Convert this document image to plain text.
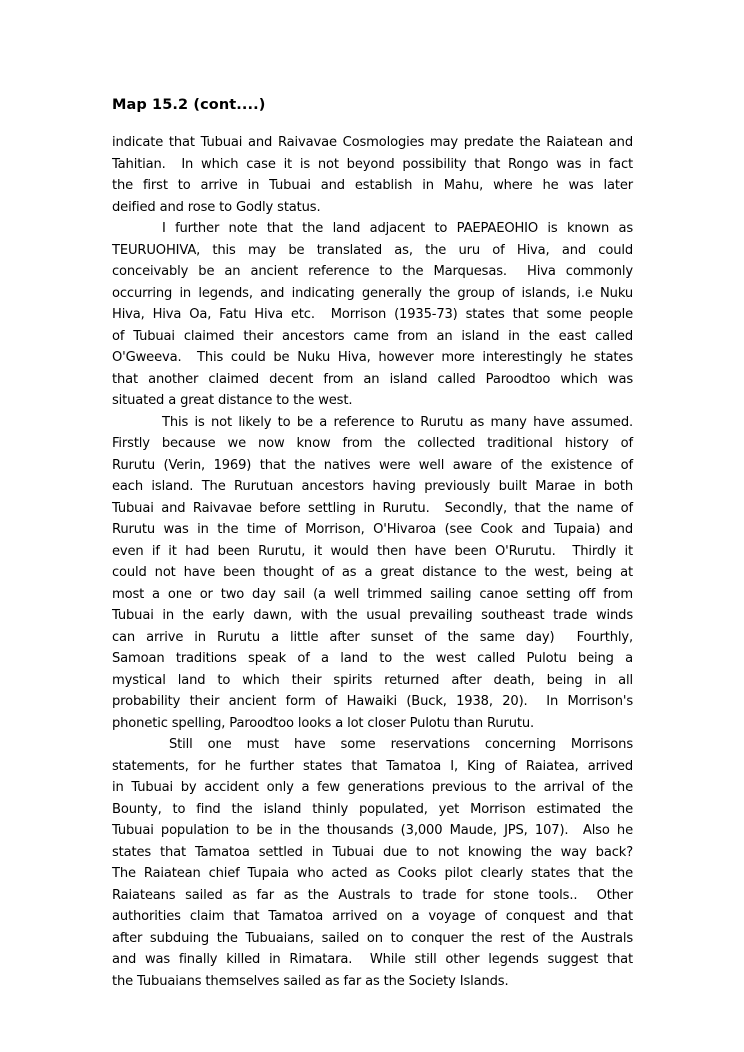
Map 15.2 (cont....)
indicate that Tubuai and Raivavae Cosmologies may predate the Raiatean and
Tahitian.  In which case it is not beyond possibility that Rongo was in fact
the first to arrive in Tubuai and establish in Mahu, where he was later
deified and rose to Godly status.
I further note that the land adjacent to PAEPAEOHIO is known as
TEURUOHIVA, this may be translated as, the uru of Hiva, and could
conceivably be an ancient reference to the Marquesas.  Hiva commonly
occurring in legends, and indicating generally the group of islands, i.e Nuku
Hiva, Hiva Oa, Fatu Hiva etc.  Morrison (1935-73) states that some people
of Tubuai claimed their ancestors came from an island in the east called
O'Gweeva.  This could be Nuku Hiva, however more interestingly he states
that another claimed decent from an island called Paroodtoo which was
situated a great distance to the west.
This is not likely to be a reference to Rurutu as many have assumed.
Firstly because we now know from the collected traditional history of
Rurutu (Verin, 1969) that the natives were well aware of the existence of
each island. The Rurutuan ancestors having previously built Marae in both
Tubuai and Raivavae before settling in Rurutu.  Secondly, that the name of
Rurutu was in the time of Morrison, O'Hivaroa (see Cook and Tupaia) and
even if it had been Rurutu, it would then have been O'Rurutu.  Thirdly it
could not have been thought of as a great distance to the west, being at
most a one or two day sail (a well trimmed sailing canoe setting off from
Tubuai in the early dawn, with the usual prevailing southeast trade winds
can arrive in Rurutu a little after sunset of the same day)  Fourthly,
Samoan traditions speak of a land to the west called Pulotu being a
mystical land to which their spirits returned after death, being in all
probability their ancient form of Hawaiki (Buck, 1938, 20).  In Morrison's
phonetic spelling, Paroodtoo looks a lot closer Pulotu than Rurutu.
Still one must have some reservations concerning Morrisons
statements, for he further states that Tamatoa I, King of Raiatea, arrived
in Tubuai by accident only a few generations previous to the arrival of the
Bounty, to find the island thinly populated, yet Morrison estimated the
Tubuai population to be in the thousands (3,000 Maude, JPS, 107).  Also he
states that Tamatoa settled in Tubuai due to not knowing the way back?
The Raiatean chief Tupaia who acted as Cooks pilot clearly states that the
Raiateans sailed as far as the Australs to trade for stone tools..  Other
authorities claim that Tamatoa arrived on a voyage of conquest and that
after subduing the Tubuaians, sailed on to conquer the rest of the Australs
and was finally killed in Rimatara.  While still other legends suggest that
the Tubuaians themselves sailed as far as the Society Islands.
